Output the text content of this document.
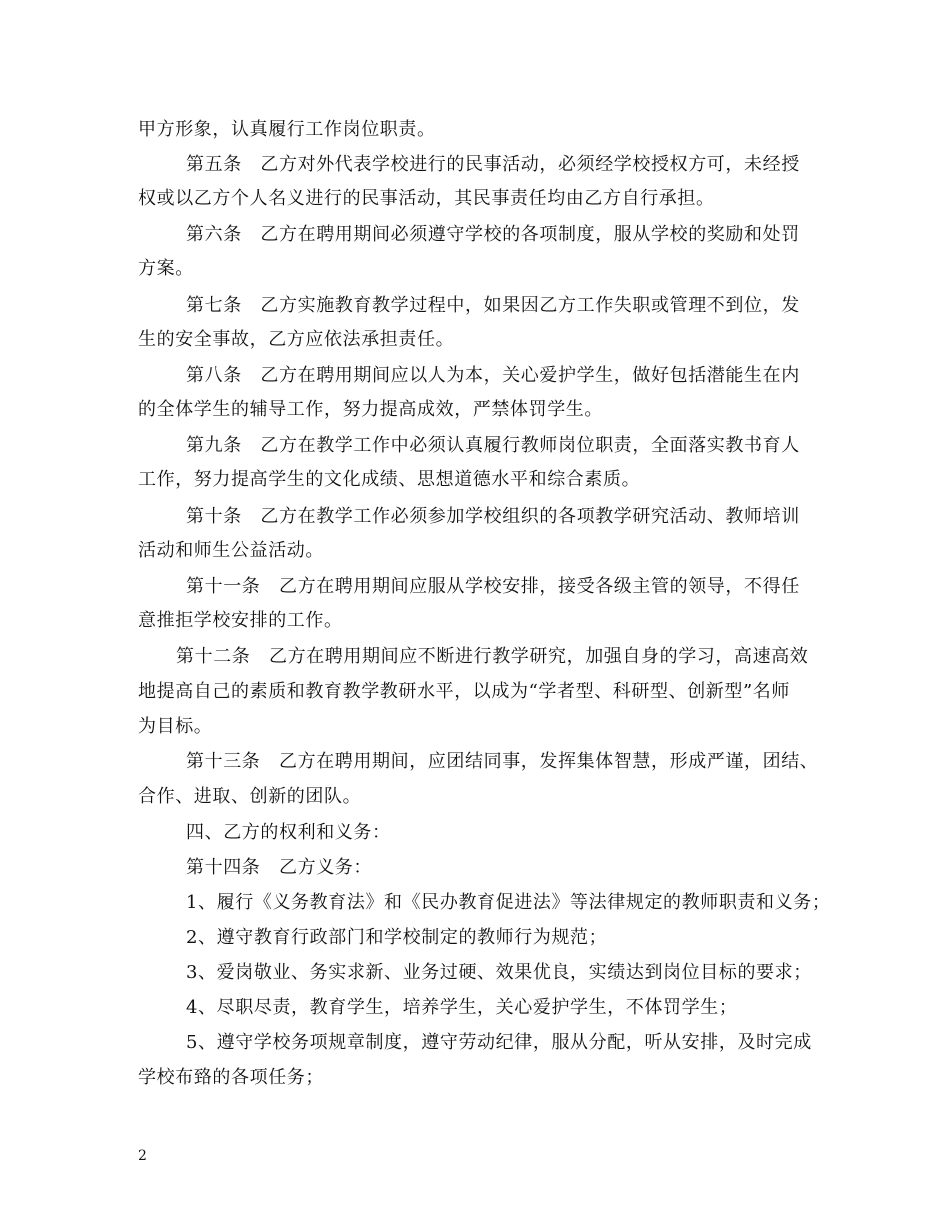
甲方形象，认真履行工作岗位职责。
第五条　乙方对外代表学校进行的民事活动，必须经学校授权方可，未经授
权或以乙方个人名义进行的民事活动，其民事责任均由乙方自行承担。
第六条　乙方在聘用期间必须遵守学校的各项制度，服从学校的奖励和处罚
方案。
第七条　乙方实施教育教学过程中，如果因乙方工作失职或管理不到位，发
生的安全事故，乙方应依法承担责任。
第八条　乙方在聘用期间应以人为本，关心爱护学生，做好包括潜能生在内
的全体学生的辅导工作，努力提高成效，严禁体罚学生。
第九条　乙方在教学工作中必须认真履行教师岗位职责，全面落实教书育人
工作，努力提高学生的文化成绩、思想道德水平和综合素质。
第十条　乙方在教学工作必须参加学校组织的各项教学研究活动、教师培训
活动和师生公益活动。
第十一条　乙方在聘用期间应服从学校安排，接受各级主管的领导，不得任
意推拒学校安排的工作。
第十二条　乙方在聘用期间应不断进行教学研究，加强自身的学习，高速高效
地提高自己的素质和教育教学教研水平，以成为“学者型、科研型、创新型”名师
为目标。
第十三条　乙方在聘用期间，应团结同事，发挥集体智慧，形成严谨，团结、
合作、进取、创新的团队。
四、乙方的权利和义务：
第十四条　乙方义务：
1、履行《义务教育法》和《民办教育促进法》等法律规定的教师职责和义务；
2、遵守教育行政部门和学校制定的教师行为规范；
3、爱岗敬业、务实求新、业务过硬、效果优良，实绩达到岗位目标的要求；
4、尽职尽责，教育学生，培养学生，关心爱护学生，不体罚学生；
5、遵守学校务项规章制度，遵守劳动纪律，服从分配，听从安排，及时完成
学校布臵的各项任务；
2
